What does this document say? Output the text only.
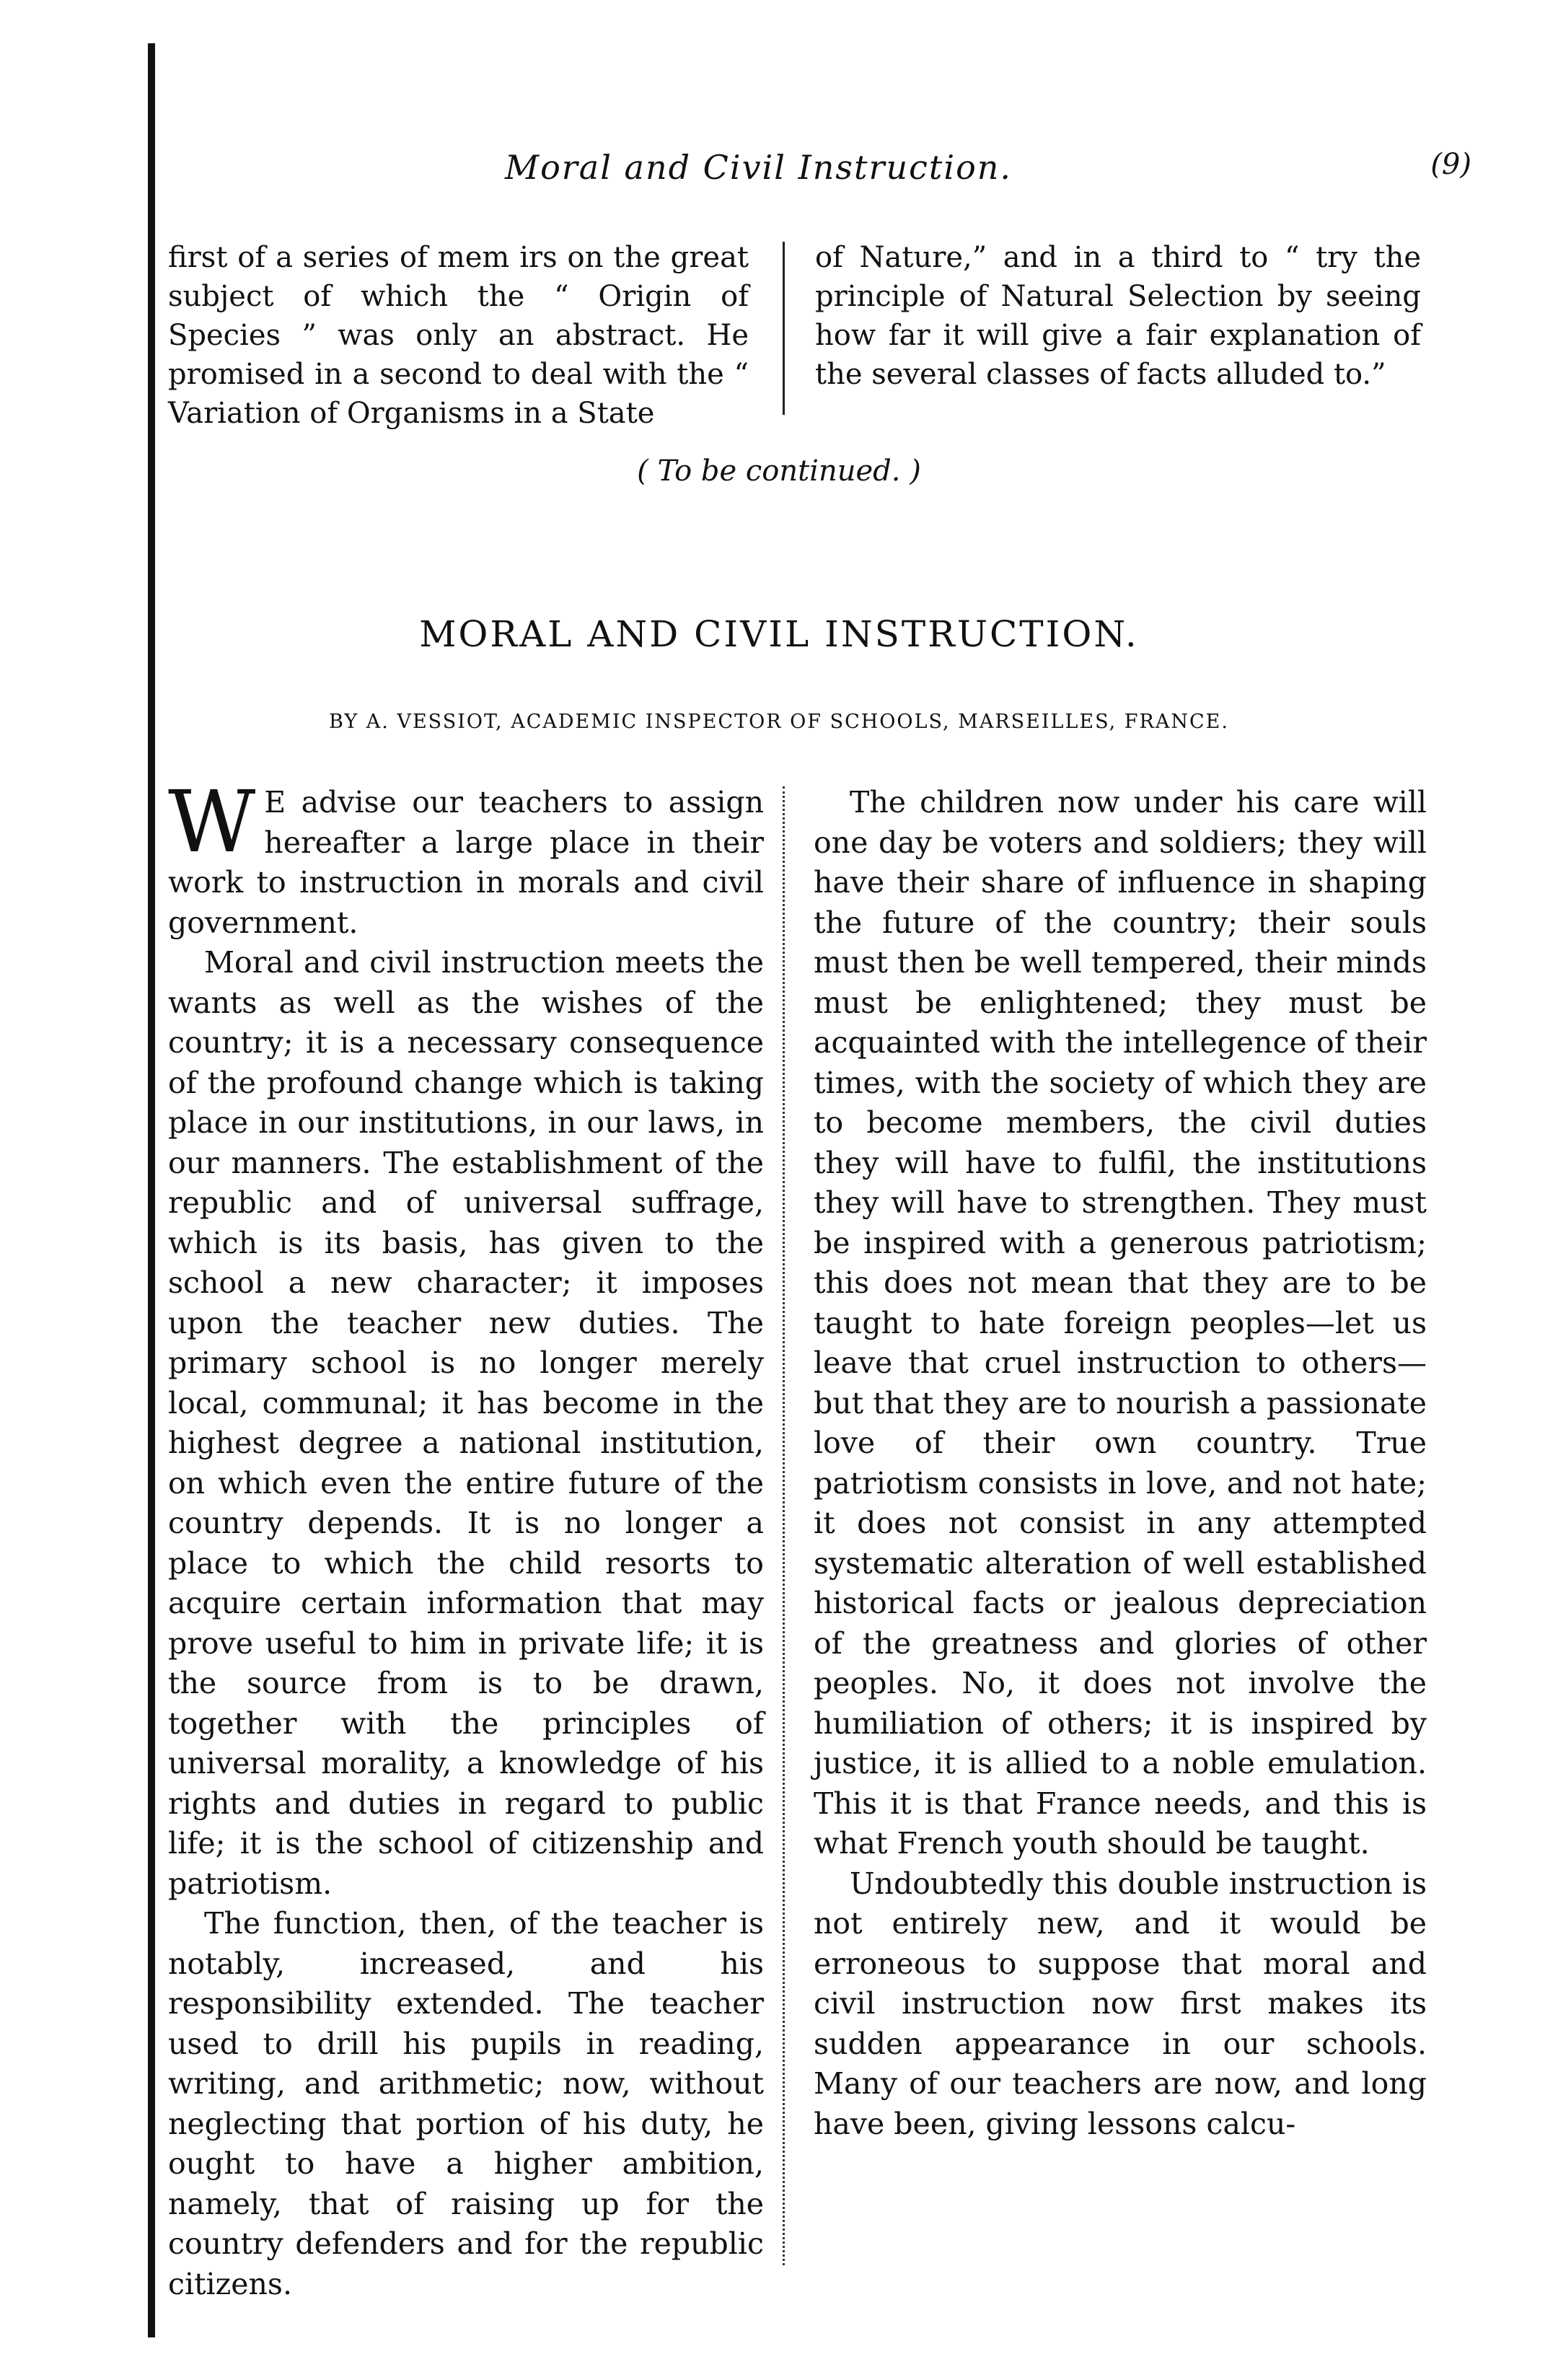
Moral and Civil Instruction.	(9)

first of a series of mem irs on the great subject of which the “ Origin of Species ” was only an abstract. He promised in a second to deal with the “ Variation of Organisms in a State

of Nature,” and in a third to “ try the principle of Natural Selection by seeing how far it will give a fair explanation of the several classes of facts alluded to.”

( To be continued. )
MORAL AND CIVIL INSTRUCTION.
BY A. VESSIOT, ACADEMIC INSPECTOR OF SCHOOLS, MARSEILLES, FRANCE.

W E advise our teachers to assign hereafter a large place in their work to instruction in morals and civil government.

Moral and civil instruction meets the wants as well as the wishes of the country; it is a necessary consequence of the profound change which is taking place in our institutions, in our laws, in our manners. The establishment of the republic and of universal suffrage, which is its basis, has given to the school a new character; it imposes upon the teacher new duties. The primary school is no longer merely local, communal; it has become in the highest degree a national institution, on which even the entire future of the country depends. It is no longer a place to which the child resorts to acquire certain information that may prove useful to him in private life; it is the source from is to be drawn, together with the principles of universal morality, a knowledge of his rights and duties in regard to public life; it is the school of citizenship and patriotism.

The function, then, of the teacher is notably, increased, and his responsibility extended. The teacher used to drill his pupils in reading, writing, and arithmetic; now, without neglecting that portion of his duty, he ought to have a higher ambition, namely, that of raising up for the country defenders and for the republic citizens.

The children now under his care will one day be voters and soldiers; they will have their share of influence in shaping the future of the country; their souls must then be well tempered, their minds must be enlightened; they must be acquainted with the intellegence of their times, with the society of which they are to become members, the civil duties they will have to fulfil, the institutions they will have to strengthen. They must be inspired with a generous patriotism; this does not mean that they are to be taught to hate foreign peoples—let us leave that cruel instruction to others—but that they are to nourish a passionate love of their own country. True patriotism consists in love, and not hate; it does not consist in any attempted systematic alteration of well established historical facts or jealous depreciation of the greatness and glories of other peoples. No, it does not involve the humiliation of others; it is inspired by justice, it is allied to a noble emulation. This it is that France needs, and this is what French youth should be taught.

Undoubtedly this double instruction is not entirely new, and it would be erroneous to suppose that moral and civil instruction now first makes its sudden appearance in our schools. Many of our teachers are now, and long have been, giving lessons calcu-
